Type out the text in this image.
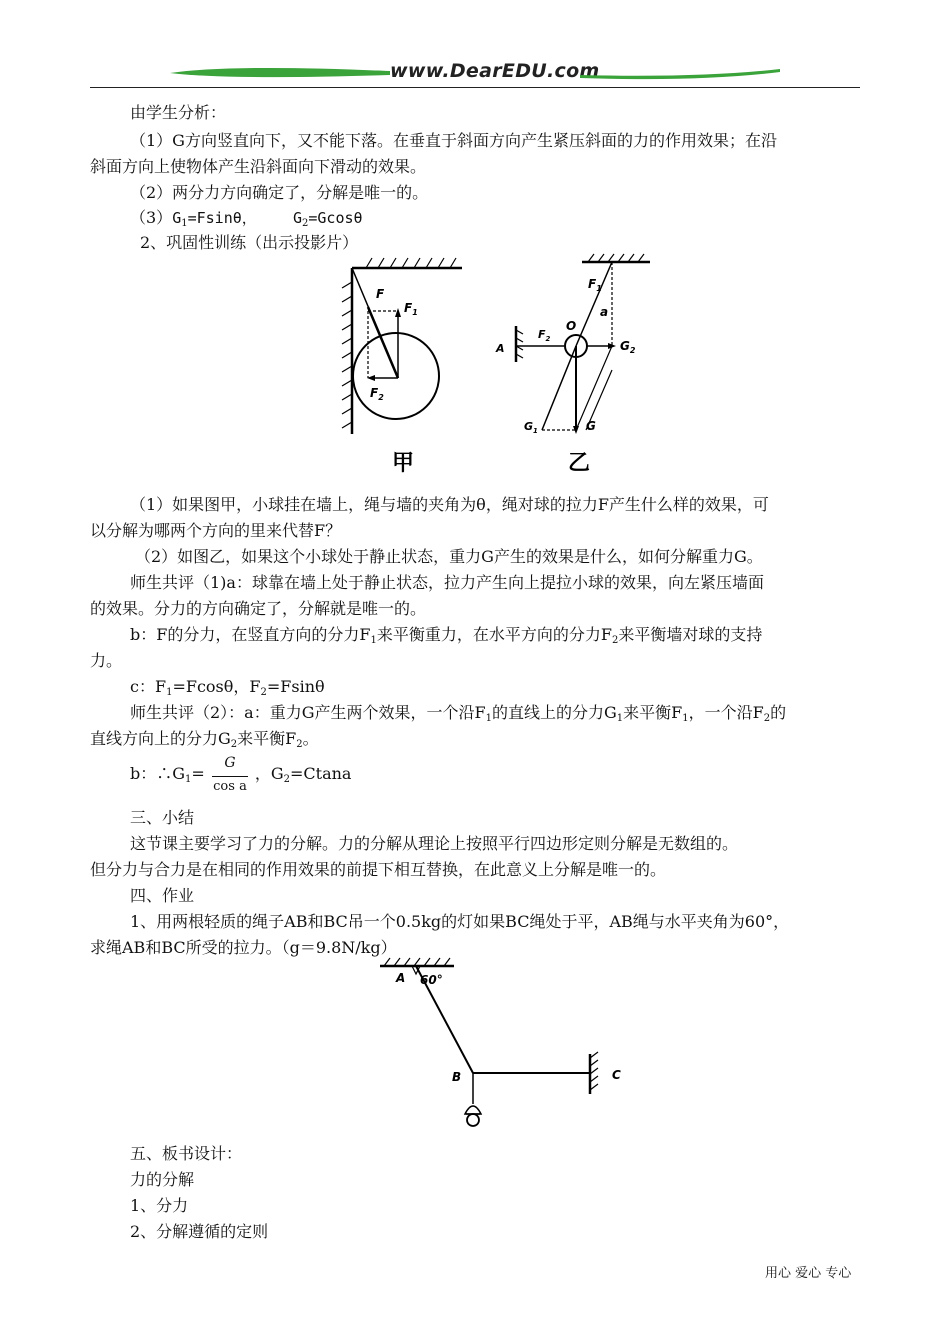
www.DearEDU.com
由学生分析：
（1）G方向竖直向下，又不能下落。在垂直于斜面方向产生紧压斜面的力的作用效果；在沿
斜面方向上使物体产生沿斜面向下滑动的效果。
（2）两分力方向确定了，分解是唯一的。
$(3)G_1=Fsin\theta$， $G_2=Gcos\theta$
2、巩固性训练（出示投影片）
F
$F_1$
$F_2$
甲
$F_1$
a
O
$F_2$
A	$G_2$
$G_1$	G
乙
（1）如果图甲，小球挂在墙上，绳与墙的夹角为θ，绳对球的拉力F产生什么样的效果，可
以分解为哪两个方向的里来代替F？
（2）如图乙，如果这个小球处于静止状态，重力G产生的效果是什么，如何分解重力G。
师生共评（1)a：球靠在墙上处于静止状态，拉力产生向上提拉小球的效果，向左紧压墙面
的效果。分力的方向确定了，分解就是唯一的。
b：F的分力，在竖直方向的分力$F_1$来平衡重力，在水平方向的分力$F_2$来平衡墙对球的支持
力。
c：$F_1=Fcos\theta$，$F_2=Fsin\theta$
师生共评（2）：a：重力G产生两个效果，一个沿$F_1$的直线上的分力$G_1$来平衡$F_1$，一个沿$F_2$的
直线方向上的分力$G_2$来平衡$F_2$。
b：$\therefore G_1=$	，$G_2=Ctana$
G
cos a
三、小结
这节课主要学习了力的分解。力的分解从理论上按照平行四边形定则分解是无数组的。
但分力与合力是在相同的作用效果的前提下相互替换，在此意义上分解是唯一的。
四、作业
1、用两根轻质的绳子AB和BC吊一个0.5kg的灯如果BC绳处于平，AB绳与水平夹角为60°，
求绳AB和BC所受的拉力。（g＝9.8N/kg）
A 60°
B	C
五、板书设计：
力的分解
1、分力
2、分解遵循的定则
用心 爱心 专心
